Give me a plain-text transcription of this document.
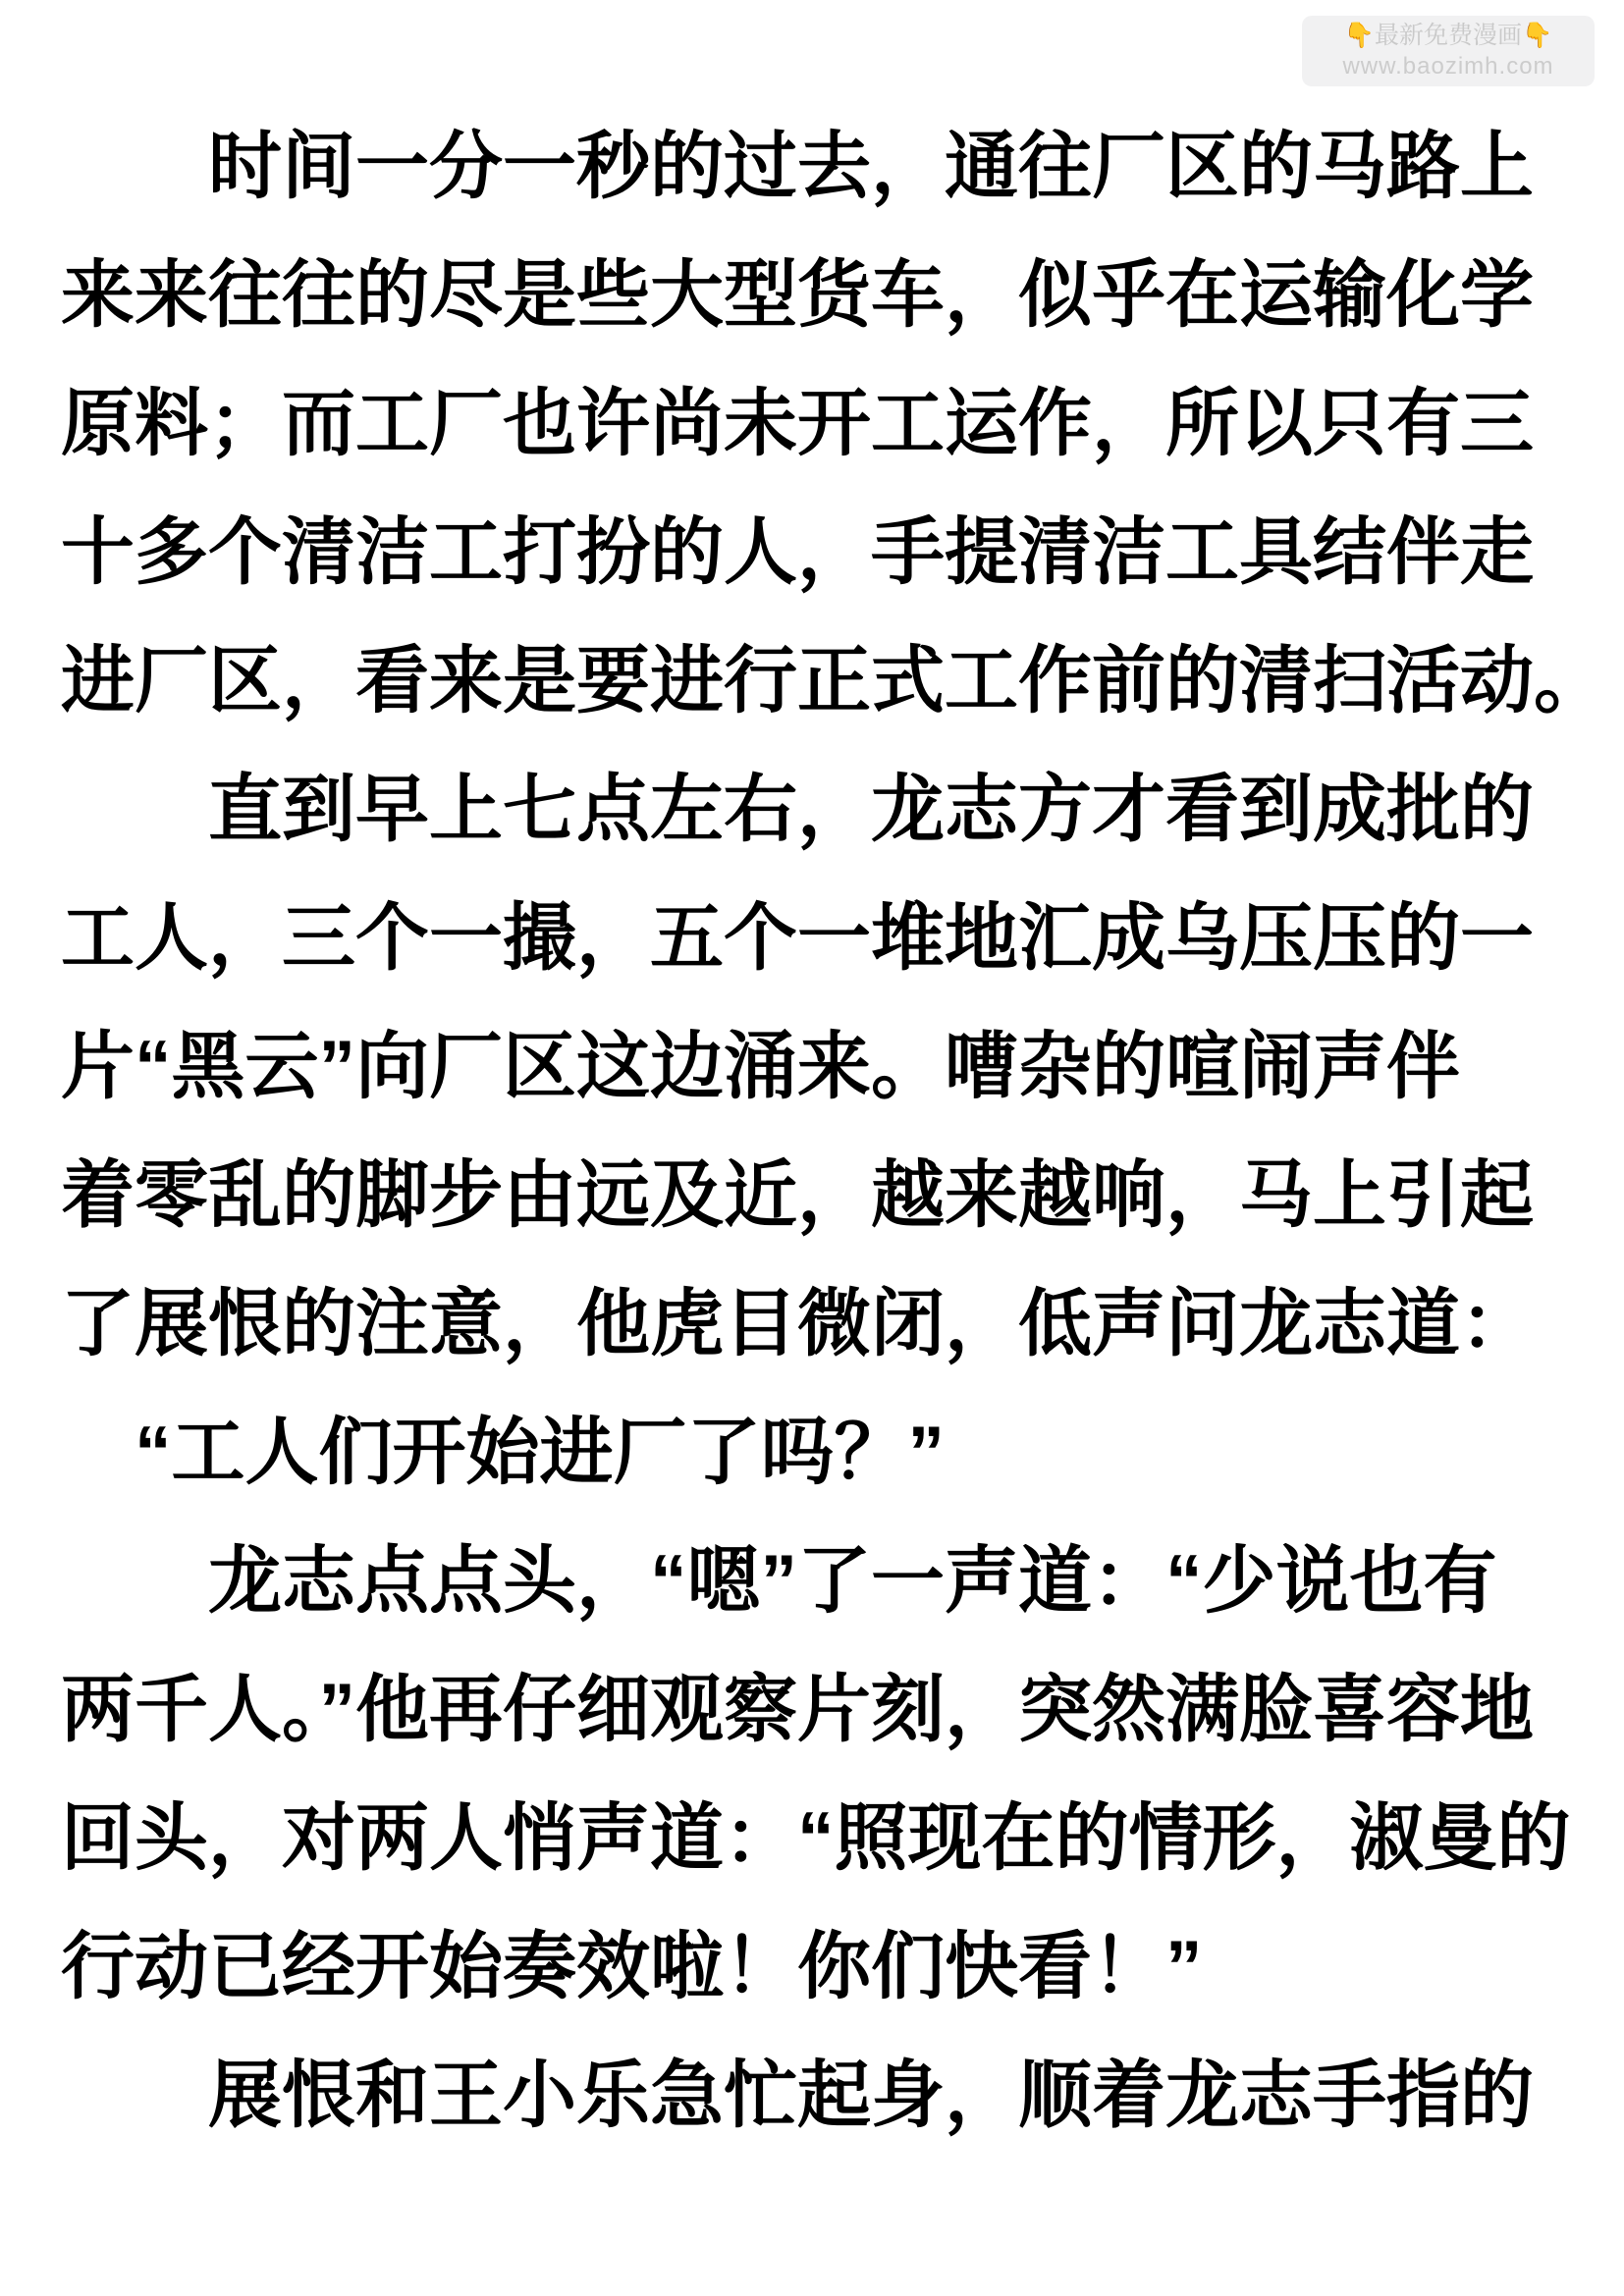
👇最新免费漫画👇
www.baozimh.com
时间一分一秒的过去，通往厂区的马路上
来来往往的尽是些大型货车，似乎在运输化学
原料；而工厂也许尚未开工运作，所以只有三
十多个清洁工打扮的人，手提清洁工具结伴走
进厂区，看来是要进行正式工作前的清扫活动。
直到早上七点左右，龙志方才看到成批的
工人，三个一撮，五个一堆地汇成乌压压的一
片“黑云”向厂区这边涌来。嘈杂的喧闹声伴
着零乱的脚步由远及近，越来越响，马上引起
了展恨的注意，他虎目微闭，低声问龙志道：
“工人们开始进厂了吗？”
龙志点点头，“嗯”了一声道：“少说也有
两千人。”他再仔细观察片刻，突然满脸喜容地
回头，对两人悄声道：“照现在的情形，淑曼的
行动已经开始奏效啦！你们快看！”
展恨和王小乐急忙起身，顺着龙志手指的
